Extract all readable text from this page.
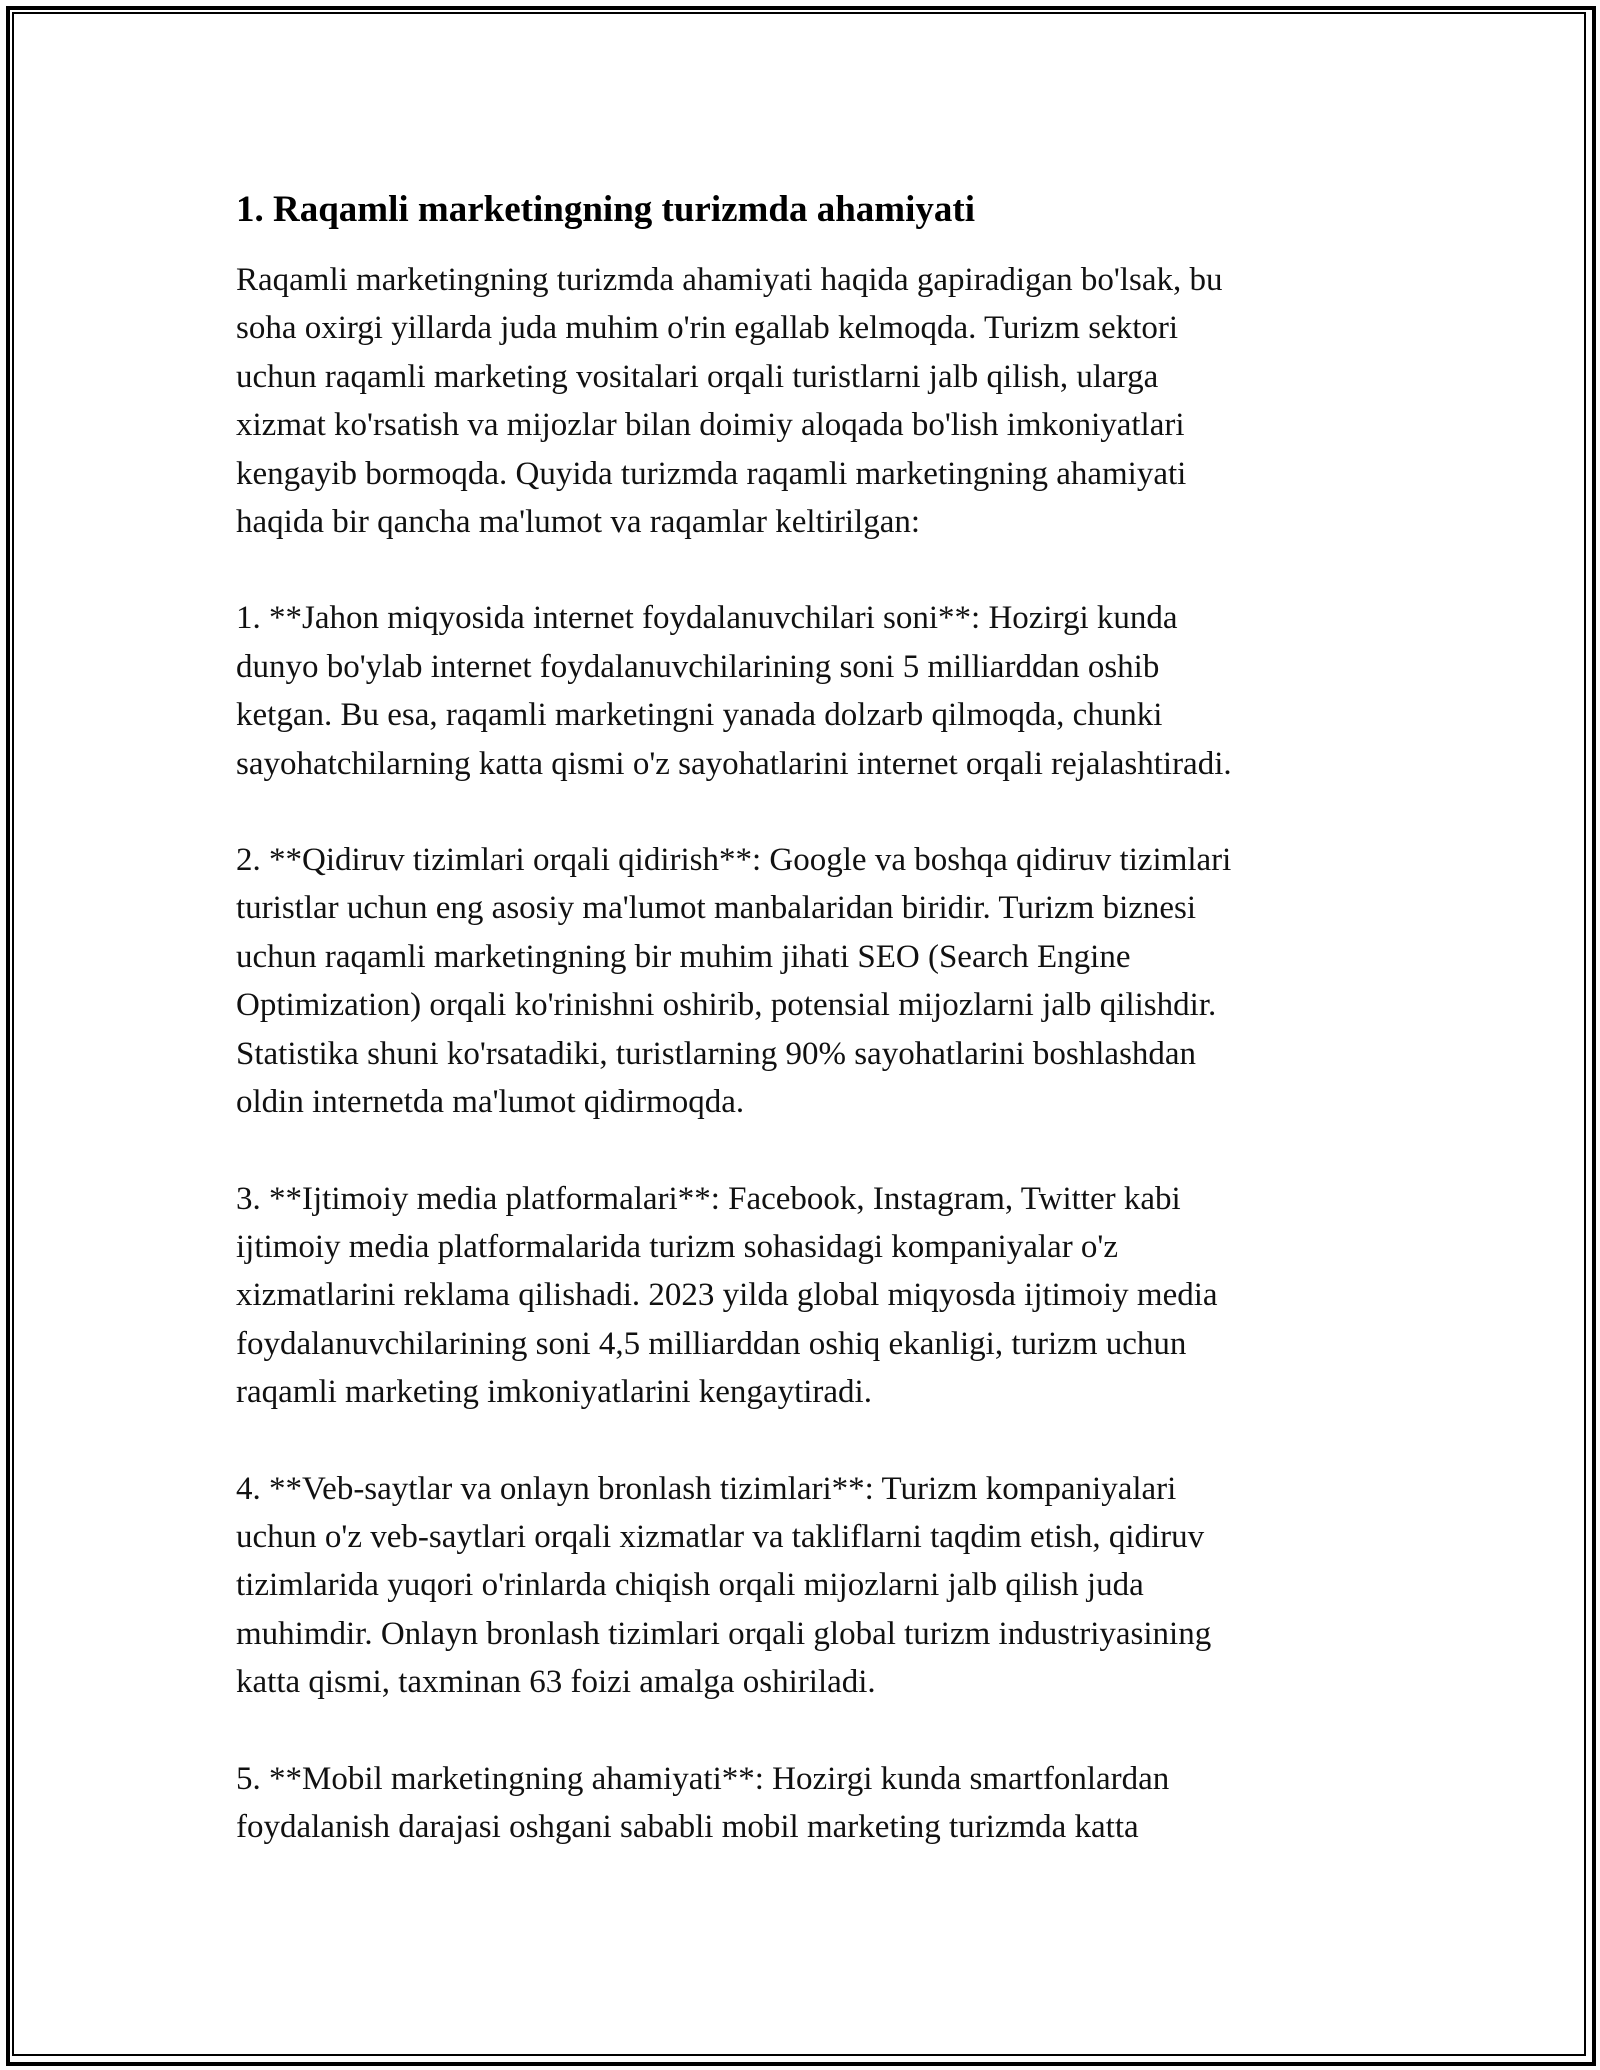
1. Raqamli marketingning turizmda ahamiyati

Raqamli marketingning turizmda ahamiyati haqida gapiradigan bo'lsak, bu
soha oxirgi yillarda juda muhim o'rin egallab kelmoqda. Turizm sektori
uchun raqamli marketing vositalari orqali turistlarni jalb qilish, ularga
xizmat ko'rsatish va mijozlar bilan doimiy aloqada bo'lish imkoniyatlari
kengayib bormoqda. Quyida turizmda raqamli marketingning ahamiyati
haqida bir qancha ma'lumot va raqamlar keltirilgan:

1. **Jahon miqyosida internet foydalanuvchilari soni**: Hozirgi kunda
dunyo bo'ylab internet foydalanuvchilarining soni 5 milliarddan oshib
ketgan. Bu esa, raqamli marketingni yanada dolzarb qilmoqda, chunki
sayohatchilarning katta qismi o'z sayohatlarini internet orqali rejalashtiradi.

2. **Qidiruv tizimlari orqali qidirish**: Google va boshqa qidiruv tizimlari
turistlar uchun eng asosiy ma'lumot manbalaridan biridir. Turizm biznesi
uchun raqamli marketingning bir muhim jihati SEO (Search Engine
Optimization) orqali ko'rinishni oshirib, potensial mijozlarni jalb qilishdir.
Statistika shuni ko'rsatadiki, turistlarning 90% sayohatlarini boshlashdan
oldin internetda ma'lumot qidirmoqda.

3. **Ijtimoiy media platformalari**: Facebook, Instagram, Twitter kabi
ijtimoiy media platformalarida turizm sohasidagi kompaniyalar o'z
xizmatlarini reklama qilishadi. 2023 yilda global miqyosda ijtimoiy media
foydalanuvchilarining soni 4,5 milliarddan oshiq ekanligi, turizm uchun
raqamli marketing imkoniyatlarini kengaytiradi.

4. **Veb-saytlar va onlayn bronlash tizimlari**: Turizm kompaniyalari
uchun o'z veb-saytlari orqali xizmatlar va takliflarni taqdim etish, qidiruv
tizimlarida yuqori o'rinlarda chiqish orqali mijozlarni jalb qilish juda
muhimdir. Onlayn bronlash tizimlari orqali global turizm industriyasining
katta qismi, taxminan 63 foizi amalga oshiriladi.

5. **Mobil marketingning ahamiyati**: Hozirgi kunda smartfonlardan
foydalanish darajasi oshgani sababli mobil marketing turizmda katta
